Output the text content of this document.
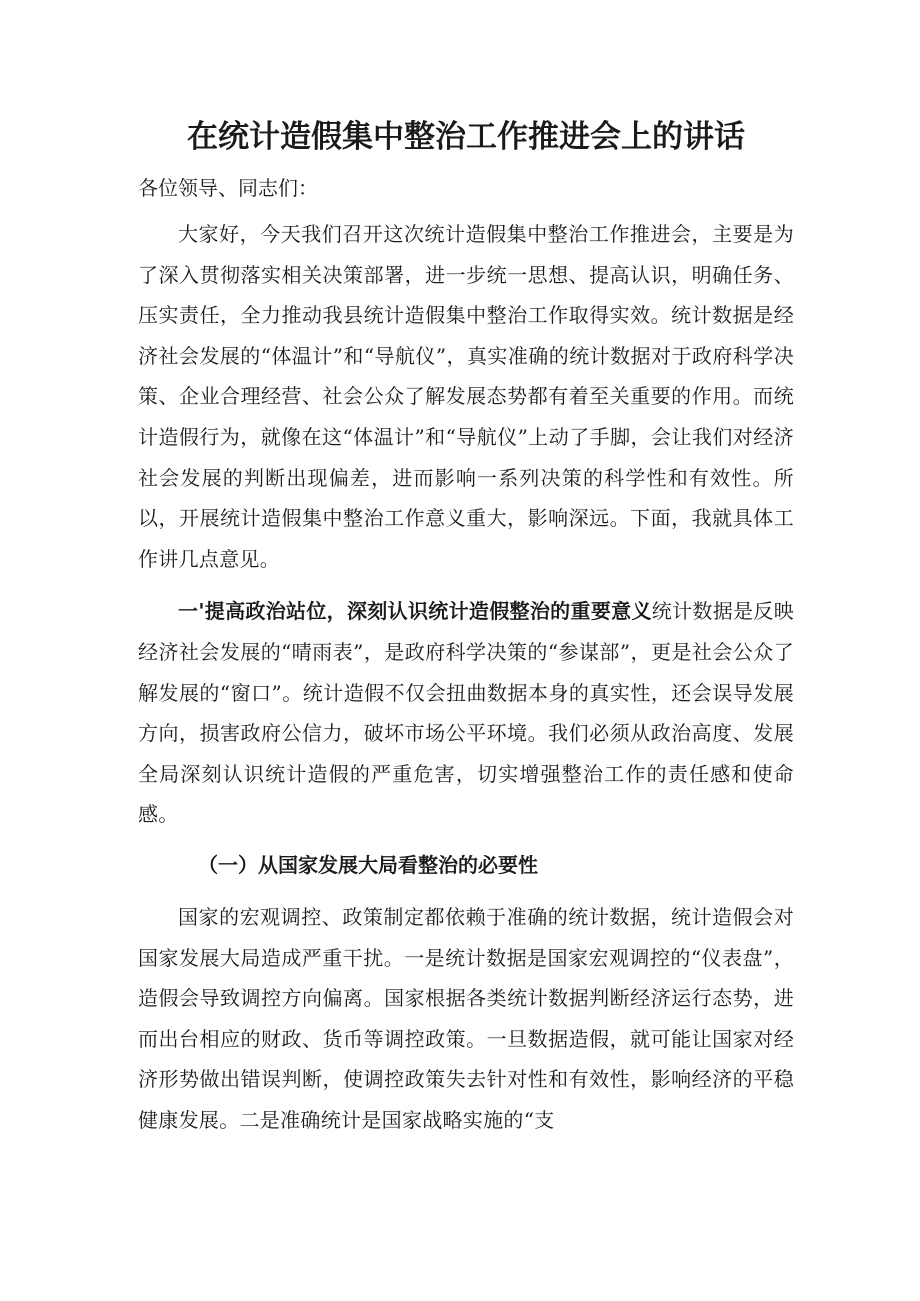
在统计造假集中整治工作推进会上的讲话

各位领导、同志们：

大家好，今天我们召开这次统计造假集中整治工作推进会，主要是为了深入贯彻落实相关决策部署，进一步统一思想、提高认识，明确任务、压实责任，全力推动我县统计造假集中整治工作取得实效。统计数据是经济社会发展的“体温计”和“导航仪”，真实准确的统计数据对于政府科学决策、企业合理经营、社会公众了解发展态势都有着至关重要的作用。而统计造假行为，就像在这“体温计”和“导航仪”上动了手脚，会让我们对经济社会发展的判断出现偏差，进而影响一系列决策的科学性和有效性。所以，开展统计造假集中整治工作意义重大，影响深远。下面，我就具体工作讲几点意见。

一'提高政治站位，深刻认识统计造假整治的重要意义统计数据是反映经济社会发展的“晴雨表”，是政府科学决策的“参谋部”，更是社会公众了解发展的“窗口”。统计造假不仅会扭曲数据本身的真实性，还会误导发展方向，损害政府公信力，破坏市场公平环境。我们必须从政治高度、发展全局深刻认识统计造假的严重危害，切实增强整治工作的责任感和使命感。

（一）从国家发展大局看整治的必要性

国家的宏观调控、政策制定都依赖于准确的统计数据，统计造假会对国家发展大局造成严重干扰。一是统计数据是国家宏观调控的“仪表盘”，造假会导致调控方向偏离。国家根据各类统计数据判断经济运行态势，进而出台相应的财政、货币等调控政策。一旦数据造假，就可能让国家对经济形势做出错误判断，使调控政策失去针对性和有效性，影响经济的平稳健康发展。二是准确统计是国家战略实施的“支
